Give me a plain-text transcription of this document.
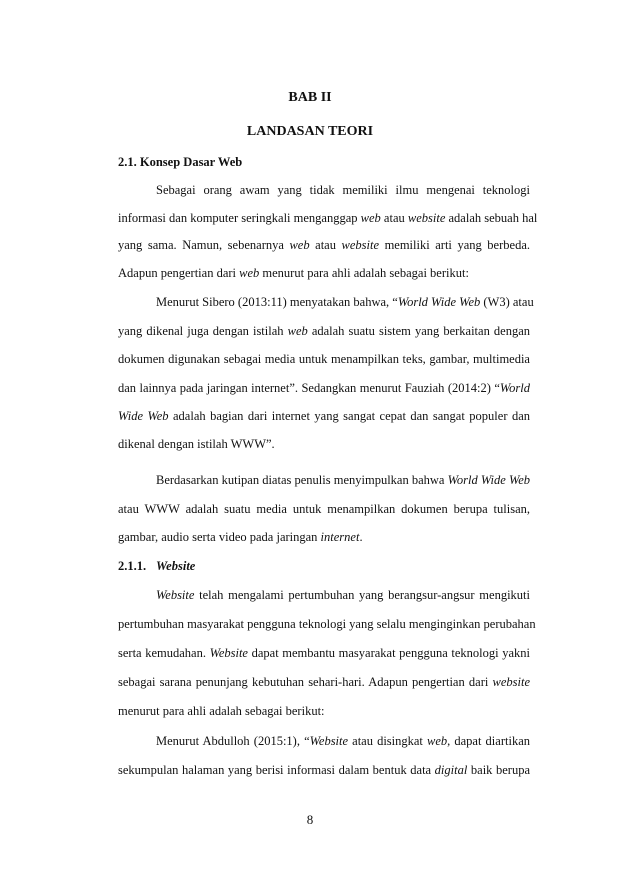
BAB II
LANDASAN TEORI
2.1. Konsep Dasar Web
Sebagai orang awam yang tidak memiliki ilmu mengenai teknologi
informasi dan komputer seringkali menganggap web atau website adalah sebuah hal
yang sama. Namun, sebenarnya web atau website memiliki arti yang berbeda.
Adapun pengertian dari web menurut para ahli adalah sebagai berikut:
Menurut Sibero (2013:11) menyatakan bahwa, “World Wide Web (W3) atau
yang dikenal juga dengan istilah web adalah suatu sistem yang berkaitan dengan
dokumen digunakan sebagai media untuk menampilkan teks, gambar, multimedia
dan lainnya pada jaringan internet”. Sedangkan menurut Fauziah (2014:2) “World
Wide Web adalah bagian dari internet yang sangat cepat dan sangat populer dan
dikenal dengan istilah WWW”.
Berdasarkan kutipan diatas penulis menyimpulkan bahwa World Wide Web
atau WWW adalah suatu media untuk menampilkan dokumen berupa tulisan,
gambar, audio serta video pada jaringan internet.
2.1.1. Website
Website telah mengalami pertumbuhan yang berangsur-angsur mengikuti
pertumbuhan masyarakat pengguna teknologi yang selalu menginginkan perubahan
serta kemudahan. Website dapat membantu masyarakat pengguna teknologi yakni
sebagai sarana penunjang kebutuhan sehari-hari. Adapun pengertian dari website
menurut para ahli adalah sebagai berikut:
Menurut Abdulloh (2015:1), “Website atau disingkat web, dapat diartikan
sekumpulan halaman yang berisi informasi dalam bentuk data digital baik berupa
8
